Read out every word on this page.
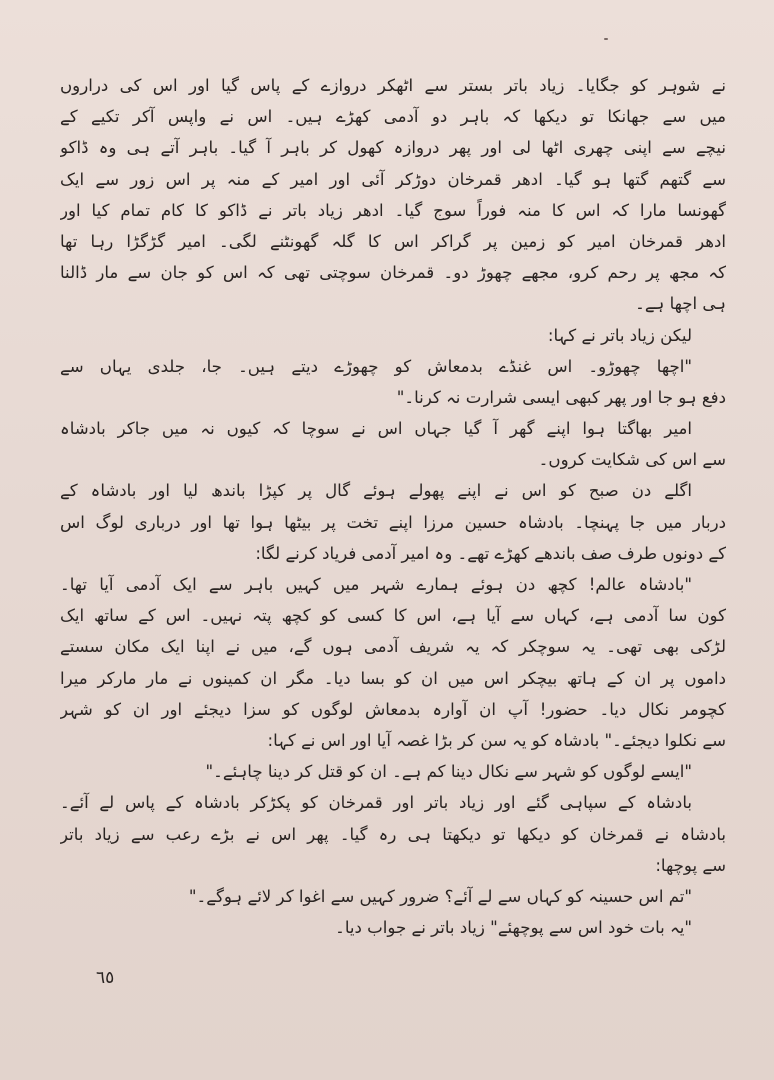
نے شوہر کو جگایا۔ زیاد باتر بستر سے اٹھکر دروازے کے پاس گیا اور اس کی دراروں
میں سے جھانکا تو دیکھا کہ باہر دو آدمی کھڑے ہیں۔ اس نے واپس آکر تکیے کے
نیچے سے اپنی چھری اٹھا لی اور پھر دروازہ کھول کر باہر آ گیا۔ باہر آتے ہی وہ ڈاکو
سے گتھم گتھا ہو گیا۔ ادھر قمرخان دوڑکر آئی اور امیر کے منہ پر اس زور سے ایک
گھونسا مارا کہ اس کا منہ فوراً سوج گیا۔ ادھر زیاد باتر نے ڈاکو کا کام تمام کیا اور
ادھر قمرخان امیر کو زمین پر گراکر اس کا گلہ گھونٹنے لگی۔ امیر گڑگڑا رہا تھا
کہ مجھ پر رحم کرو، مجھے چھوڑ دو۔ قمرخان سوچتی تھی کہ اس کو جان سے مار ڈالنا
ہی اچھا ہے۔
لیکن زیاد باتر نے کہا:
"اچھا چھوڑو۔ اس غنڈے بدمعاش کو چھوڑے دیتے ہیں۔ جا، جلدی یہاں سے
دفع ہو جا اور پھر کبھی ایسی شرارت نہ کرنا۔"
امیر بھاگتا ہوا اپنے گھر آ گیا جہاں اس نے سوچا کہ کیوں نہ میں جاکر بادشاہ
سے اس کی شکایت کروں۔
اگلے دن صبح کو اس نے اپنے پھولے ہوئے گال پر کپڑا باندھ لیا اور بادشاہ کے
دربار میں جا پہنچا۔ بادشاہ حسین مرزا اپنے تخت پر بیٹھا ہوا تھا اور درباری لوگ اس
کے دونوں طرف صف باندھے کھڑے تھے۔ وہ امیر آدمی فریاد کرنے لگا:
"بادشاہ عالم! کچھ دن ہوئے ہمارے شہر میں کہیں باہر سے ایک آدمی آیا تھا۔
کون سا آدمی ہے، کہاں سے آیا ہے، اس کا کسی کو کچھ پتہ نہیں۔ اس کے ساتھ ایک
لڑکی بھی تھی۔ یہ سوچکر کہ یہ شریف آدمی ہوں گے، میں نے اپنا ایک مکان سستے
داموں پر ان کے ہاتھ بیچکر اس میں ان کو بسا دیا۔ مگر ان کمینوں نے مار مارکر میرا
کچومر نکال دیا۔ حضور! آپ ان آوارہ بدمعاش لوگوں کو سزا دیجئے اور ان کو شہر
سے نکلوا دیجئے۔" بادشاہ کو یہ سن کر بڑا غصہ آیا اور اس نے کہا:
"ایسے لوگوں کو شہر سے نکال دینا کم ہے۔ ان کو قتل کر دینا چاہئے۔"
بادشاہ کے سپاہی گئے اور زیاد باتر اور قمرخان کو پکڑکر بادشاہ کے پاس لے آئے۔
بادشاہ نے قمرخان کو دیکھا تو دیکھتا ہی رہ گیا۔ پھر اس نے بڑے رعب سے زیاد باتر
سے پوچھا:
"تم اس حسینہ کو کہاں سے لے آئے؟ ضرور کہیں سے اغوا کر لائے ہوگے۔"
"یہ بات خود اس سے پوچھئے" زیاد باتر نے جواب دیا۔
٦٥
